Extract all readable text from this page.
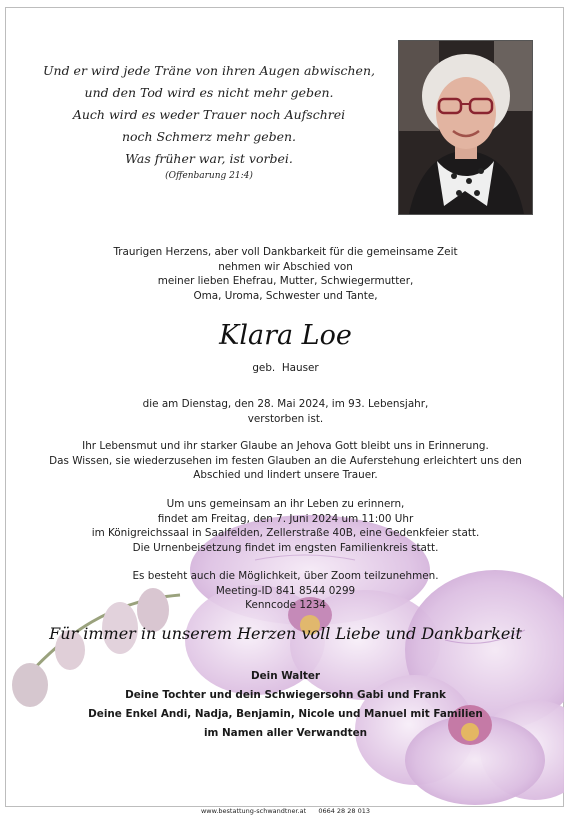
Und er wird jede Träne von ihren Augen abwischen,
und den Tod wird es nicht mehr geben.
Auch wird es weder Trauer noch Aufschrei
noch Schmerz mehr geben.
Was früher war, ist vorbei.
(Offenbarung 21:4)
Traurigen Herzens, aber voll Dankbarkeit für die gemeinsame Zeit
nehmen wir Abschied von
meiner lieben Ehefrau, Mutter, Schwiegermutter,
Oma, Uroma, Schwester und Tante,
Klara Loe
geb.  Hauser
die am Dienstag, den 28. Mai 2024, im 93. Lebensjahr,
verstorben ist.
Ihr Lebensmut und ihr starker Glaube an Jehova Gott bleibt uns in Erinnerung.
Das Wissen, sie wiederzusehen im festen Glauben an die Auferstehung erleichtert uns den
Abschied und lindert unsere Trauer.
Um uns gemeinsam an ihr Leben zu erinnern,
findet am Freitag, den 7. Juni 2024 um 11:00 Uhr
im Königreichssaal in Saalfelden, Zellerstraße 40B, eine Gedenkfeier statt.
Die Urnenbeisetzung findet im engsten Familienkreis statt.
Es besteht auch die Möglichkeit, über Zoom teilzunehmen.
Meeting-ID 841 8544 0299
Kenncode 1234
Für immer in unserem Herzen voll Liebe und Dankbarkeit
Dein Walter
Deine Tochter und dein Schwiegersohn Gabi und Frank
Deine Enkel Andi, Nadja, Benjamin, Nicole und Manuel mit Familien
im Namen aller Verwandten
www.bestattung-schwandtner.at 0664 28 28 013
